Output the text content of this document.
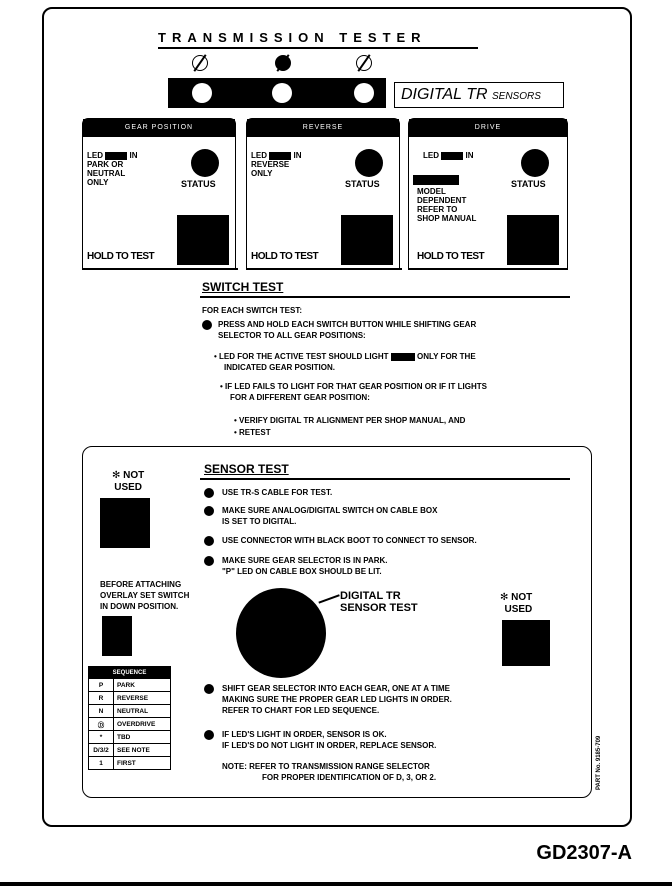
TRANSMISSION TESTER
DIGITAL TR SENSORS
GEAR POSITION
LED	IN
PARK OR
NEUTRAL
ONLY	STATUS
HOLD TO TEST
REVERSE
LED	IN
REVERSE
ONLY
STATUS
HOLD TO TEST
DRIVE
LED	IN
MODEL
DEPENDENT
REFER TO
SHOP MANUAL
STATUS
HOLD TO TEST
SWITCH TEST
FOR EACH SWITCH TEST:
PRESS AND HOLD EACH SWITCH BUTTON WHILE SHIFTING GEAR
SELECTOR TO ALL GEAR POSITIONS:
• LED FOR THE ACTIVE TEST SHOULD LIGHT	ONLY FOR THE
INDICATED GEAR POSITION.
• IF LED FAILS TO LIGHT FOR THAT GEAR POSITION OR IF IT LIGHTS
FOR A DIFFERENT GEAR POSITION:
• VERIFY DIGITAL TR ALIGNMENT PER SHOP MANUAL, AND
• RETEST
SENSOR TEST
✻ NOT
USED	USE TR-S CABLE FOR TEST.
MAKE SURE ANALOG/DIGITAL SWITCH ON CABLE BOX
IS SET TO DIGITAL.
USE CONNECTOR WITH BLACK BOOT TO CONNECT TO SENSOR.
MAKE SURE GEAR SELECTOR IS IN PARK.
"P" LED ON CABLE BOX SHOULD BE LIT.
BEFORE ATTACHING
OVERLAY SET SWITCH
IN DOWN POSITION.
DIGITAL TR
SENSOR TEST
✻ NOT
USED
SEQUENCE	
P	PARK
R	REVERSE
N	NEUTRAL
Ⓓ	OVERDRIVE
*	TBD
D/3/2	SEE NOTE
1	FIRST
SHIFT GEAR SELECTOR INTO EACH GEAR, ONE AT A TIME
MAKING SURE THE PROPER GEAR LED LIGHTS IN ORDER.
REFER TO CHART FOR LED SEQUENCE.
IF LED'S LIGHT IN ORDER, SENSOR IS OK.
IF LED'S DO NOT LIGHT IN ORDER, REPLACE SENSOR.
NOTE: REFER TO TRANSMISSION RANGE SELECTOR
FOR PROPER IDENTIFICATION OF D, 3, OR 2.	PART No. 9185-709
GD2307-A
